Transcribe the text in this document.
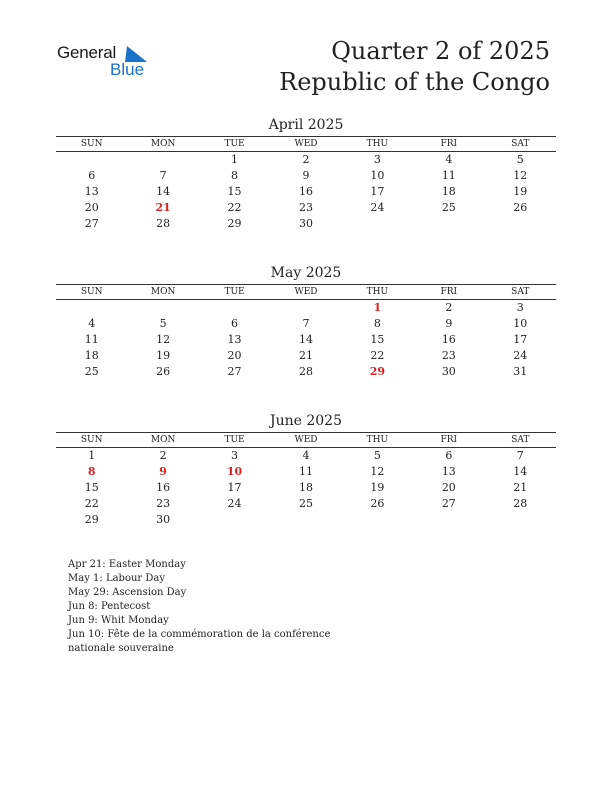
General
Blue
Quarter 2 of 2025
Republic of the Congo
April 2025
SUN	MON	TUE	WED	THU	FRI	SAT
		1	2	3	4	5
6	7	8	9	10	11	12
13	14	15	16	17	18	19
20	21	22	23	24	25	26
27	28	29	30			
May 2025
SUN	MON	TUE	WED	THU	FRI	SAT
				1	2	3
4	5	6	7	8	9	10
11	12	13	14	15	16	17
18	19	20	21	22	23	24
25	26	27	28	29	30	31
June 2025
SUN	MON	TUE	WED	THU	FRI	SAT
1	2	3	4	5	6	7
8	9	10	11	12	13	14
15	16	17	18	19	20	21
22	23	24	25	26	27	28
29	30					

Apr 21: Easter Monday

May 1: Labour Day

May 29: Ascension Day

Jun 8: Pentecost

Jun 9: Whit Monday

Jun 10: Fête de la commémoration de la conférence nationale souveraine
